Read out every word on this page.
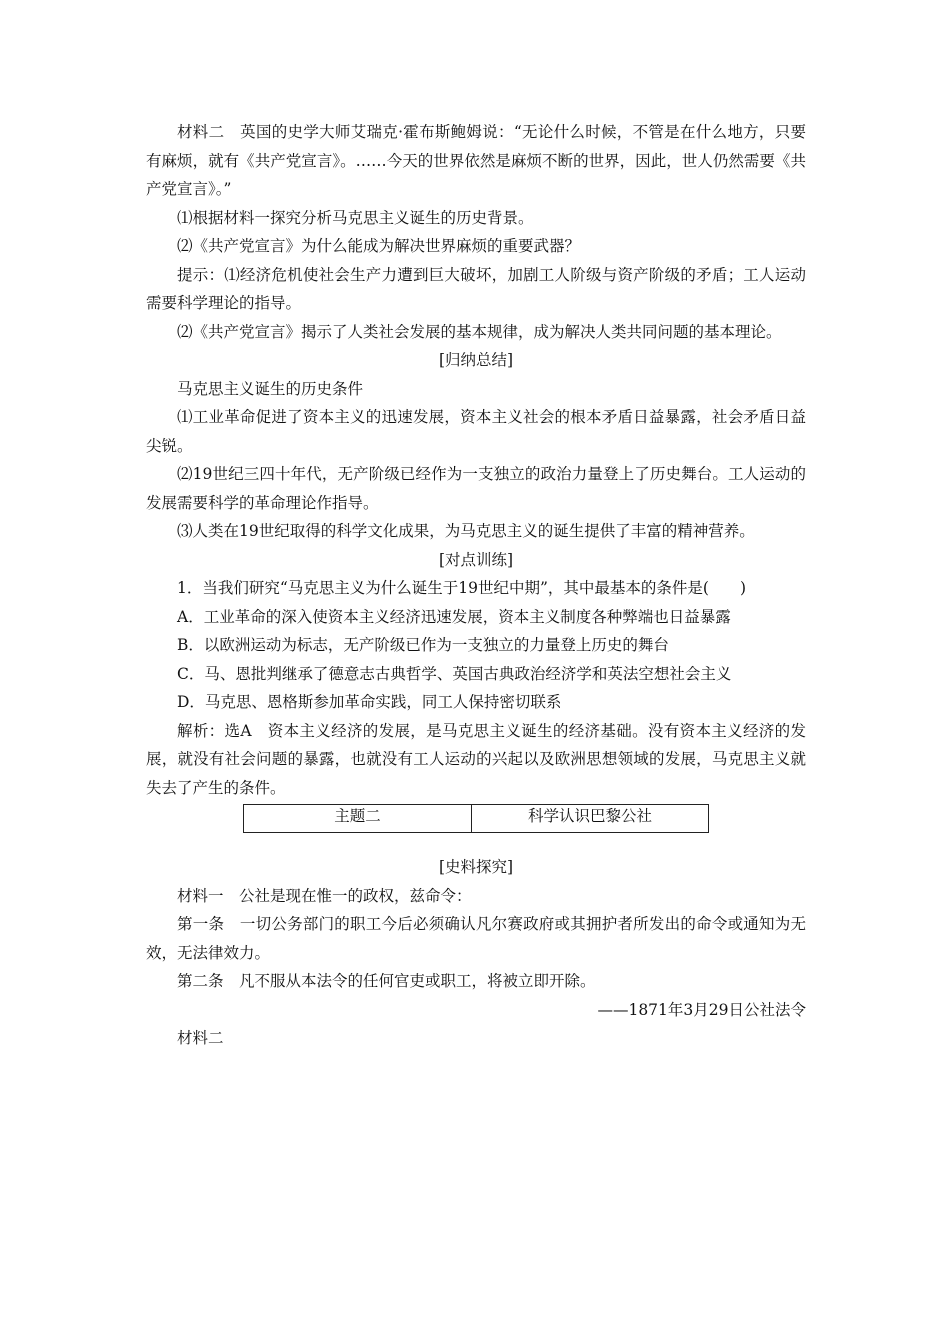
材料二　英国的史学大师艾瑞克·霍布斯鲍姆说：“无论什么时候，不管是在什么地方，只要有麻烦，就有《共产党宣言》。……今天的世界依然是麻烦不断的世界，因此，世人仍然需要《共产党宣言》。”

⑴根据材料一探究分析马克思主义诞生的历史背景。

⑵《共产党宣言》为什么能成为解决世界麻烦的重要武器？

提示：⑴经济危机使社会生产力遭到巨大破坏，加剧工人阶级与资产阶级的矛盾；工人运动需要科学理论的指导。

⑵《共产党宣言》揭示了人类社会发展的基本规律，成为解决人类共同问题的基本理论。

[归纳总结]

马克思主义诞生的历史条件

⑴工业革命促进了资本主义的迅速发展，资本主义社会的根本矛盾日益暴露，社会矛盾日益尖锐。

⑵19世纪三四十年代，无产阶级已经作为一支独立的政治力量登上了历史舞台。工人运动的发展需要科学的革命理论作指导。

⑶人类在19世纪取得的科学文化成果，为马克思主义的诞生提供了丰富的精神营养。

[对点训练]

1．当我们研究“马克思主义为什么诞生于19世纪中期”，其中最基本的条件是(　　)

A．工业革命的深入使资本主义经济迅速发展，资本主义制度各种弊端也日益暴露

B．以欧洲运动为标志，无产阶级已作为一支独立的力量登上历史的舞台

C．马、恩批判继承了德意志古典哲学、英国古典政治经济学和英法空想社会主义

D．马克思、恩格斯参加革命实践，同工人保持密切联系

解析：选A　资本主义经济的发展，是马克思主义诞生的经济基础。没有资本主义经济的发展，就没有社会问题的暴露，也就没有工人运动的兴起以及欧洲思想领域的发展，马克思主义就失去了产生的条件。

主题二	科学认识巴黎公社

[史料探究]

材料一　公社是现在惟一的政权，兹命令：

第一条　一切公务部门的职工今后必须确认凡尔赛政府或其拥护者所发出的命令或通知为无效，无法律效力。

第二条　凡不服从本法令的任何官吏或职工，将被立即开除。

——1871年3月29日公社法令

材料二
